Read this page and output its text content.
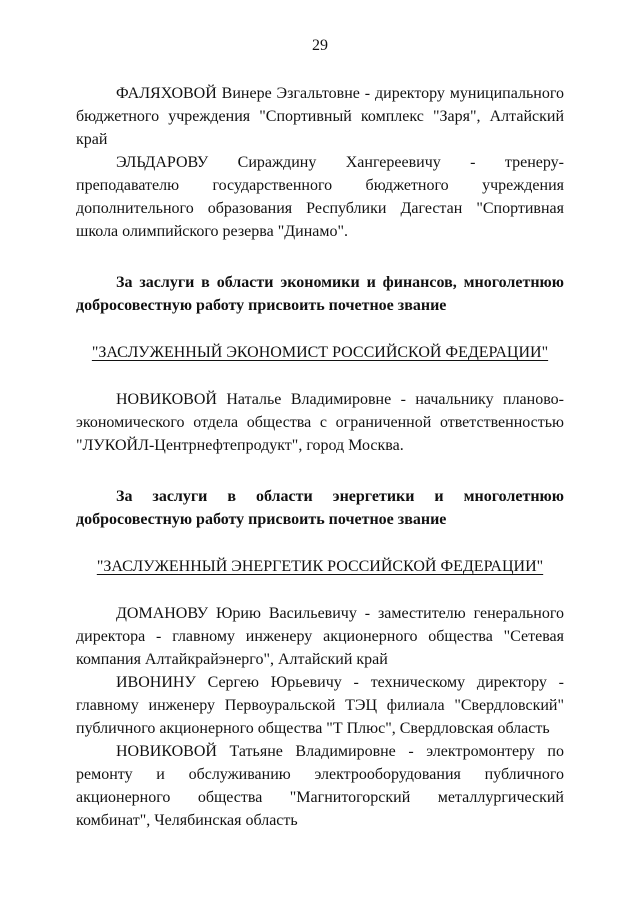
29

ФАЛЯХОВОЙ Винере Эзгальтовне - директору муниципального бюджетного учреждения "Спортивный комплекс "Заря", Алтайский край

ЭЛЬДАРОВУ Сираждину Хангереевичу - тренеру-преподавателю государственного бюджетного учреждения дополнительного образования Республики Дагестан "Спортивная школа олимпийского резерва "Динамо".

За заслуги в области экономики и финансов, многолетнюю добросовестную работу присвоить почетное звание

"ЗАСЛУЖЕННЫЙ ЭКОНОМИСТ РОССИЙСКОЙ ФЕДЕРАЦИИ"

НОВИКОВОЙ Наталье Владимировне - начальнику планово-экономического отдела общества с ограниченной ответственностью "ЛУКОЙЛ-Центрнефтепродукт", город Москва.

За заслуги в области энергетики и многолетнюю добросовестную работу присвоить почетное звание

"ЗАСЛУЖЕННЫЙ ЭНЕРГЕТИК РОССИЙСКОЙ ФЕДЕРАЦИИ"

ДОМАНОВУ Юрию Васильевичу - заместителю генерального директора - главному инженеру акционерного общества "Сетевая компания Алтайкрайэнерго", Алтайский край

ИВОНИНУ Сергею Юрьевичу - техническому директору - главному инженеру Первоуральской ТЭЦ филиала "Свердловский" публичного акционерного общества "Т Плюс", Свердловская область

НОВИКОВОЙ Татьяне Владимировне - электромонтеру по ремонту и обслуживанию электрооборудования публичного акционерного общества "Магнитогорский металлургический комбинат", Челябинская область
